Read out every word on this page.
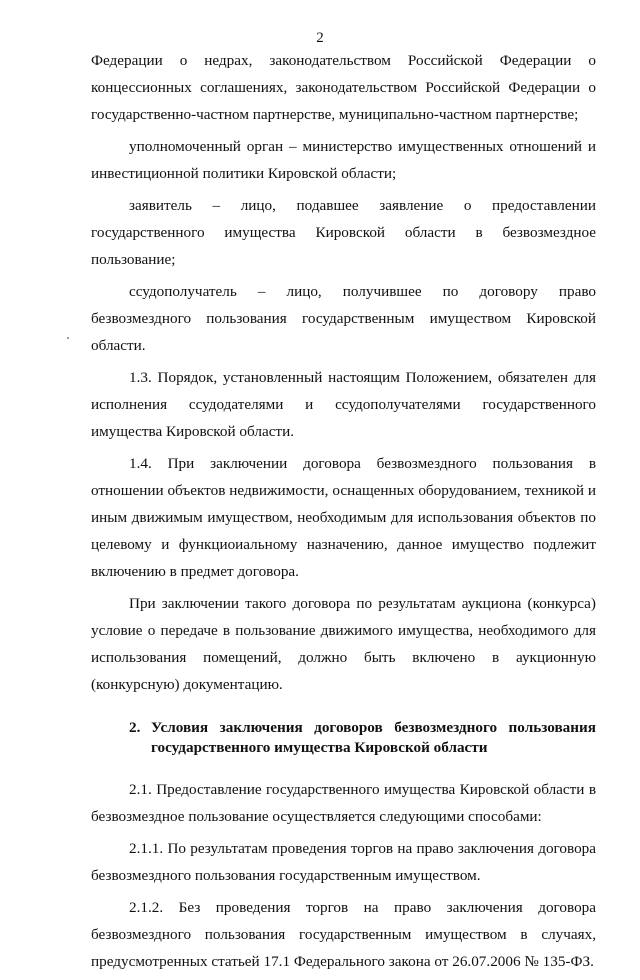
2

Федерации о недрах, законодательством Российской Федерации о концессионных соглашениях, законодательством Российской Федерации о государственно-частном партнерстве, муниципально-частном партнерстве;

уполномоченный орган – министерство имущественных отношений и инвестиционной политики Кировской области;

заявитель – лицо, подавшее заявление о предоставлении государственного имущества Кировской области в безвозмездное пользование;

ссудополучатель – лицо, получившее по договору право безвозмездного пользования государственным имуществом Кировской области.

1.3. Порядок, установленный настоящим Положением, обязателен для исполнения ссудодателями и ссудополучателями государственного имущества Кировской области.

1.4. При заключении договора безвозмездного пользования в отношении объектов недвижимости, оснащенных оборудованием, техникой и иным движимым имуществом, необходимым для использования объектов по целевому и функциоиальному назначению, данное имущество подлежит включению в предмет договора.

При заключении такого договора по результатам аукциона (конкурса) условие о передаче в пользование движимого имущества, необходимого для использования помещений, должно быть включено в аукционную (конкурсную) документацию.

2. Условия заключения договоров безвозмездного пользования государственного имущества Кировской области

2.1. Предоставление государственного имущества Кировской области в безвозмездное пользование осуществляется следующими способами:

2.1.1. По результатам проведения торгов на право заключения договора безвозмездного пользования государственным имуществом.

2.1.2. Без проведения торгов на право заключения договора безвозмездного пользования государственным имуществом в случаях, предусмотренных статьей 17.1 Федерального закона от 26.07.2006 № 135-ФЗ.
